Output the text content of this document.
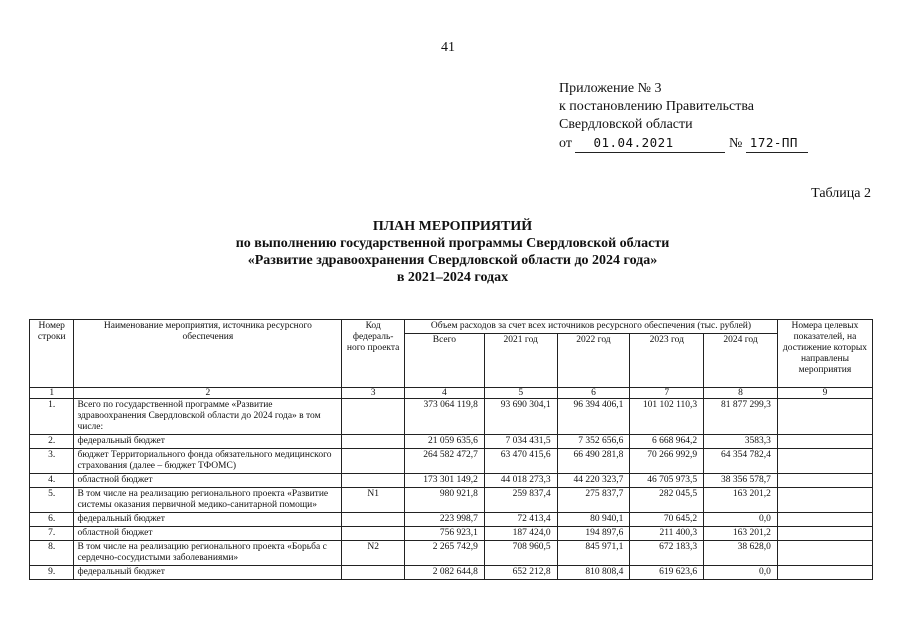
41
Приложение № 3
к постановлению Правительства
Свердловской области
от 01.04.2021	№ 172-ПП
Таблица 2
ПЛАН МЕРОПРИЯТИЙ
по выполнению государственной программы Свердловской области
«Развитие здравоохранения Свердловской области до 2024 года»
в 2021–2024 годах
Номер строки	Наименование мероприятия, источника ресурсного обеспечения	Код федераль-ного проекта	Объем расходов за счет всех источников ресурсного обеспечения (тыс. рублей)					Номера целевых показателей, на достижение которых направлены мероприятия
			Всего	2021 год	2022 год	2023 год	2024 год	
1	2	3	4	5	6	7	8	9
1.	Всего по государственной программе «Развитие здравоохранения Свердловской области до 2024 года» в том числе:		373 064 119,8	93 690 304,1	96 394 406,1	101 102 110,3	81 877 299,3	
2.	федеральный бюджет		21 059 635,6	7 034 431,5	7 352 656,6	6 668 964,2	3583,3	
3.	бюджет Территориального фонда обязательного медицинского страхования (далее – бюджет ТФОМС)		264 582 472,7	63 470 415,6	66 490 281,8	70 266 992,9	64 354 782,4	
4.	областной бюджет		173 301 149,2	44 018 273,3	44 220 323,7	46 705 973,5	38 356 578,7	
5.	В том числе на реализацию регионального проекта «Развитие системы оказания первичной медико-санитарной помощи»	N1	980 921,8	259 837,4	275 837,7	282 045,5	163 201,2	
6.	федеральный бюджет		223 998,7	72 413,4	80 940,1	70 645,2	0,0	
7.	областной бюджет		756 923,1	187 424,0	194 897,6	211 400,3	163 201,2	
8.	В том числе на реализацию регионального проекта «Борьба с сердечно-сосудистыми заболеваниями»	N2	2 265 742,9	708 960,5	845 971,1	672 183,3	38 628,0	
9.	федеральный бюджет		2 082 644,8	652 212,8	810 808,4	619 623,6	0,0	
